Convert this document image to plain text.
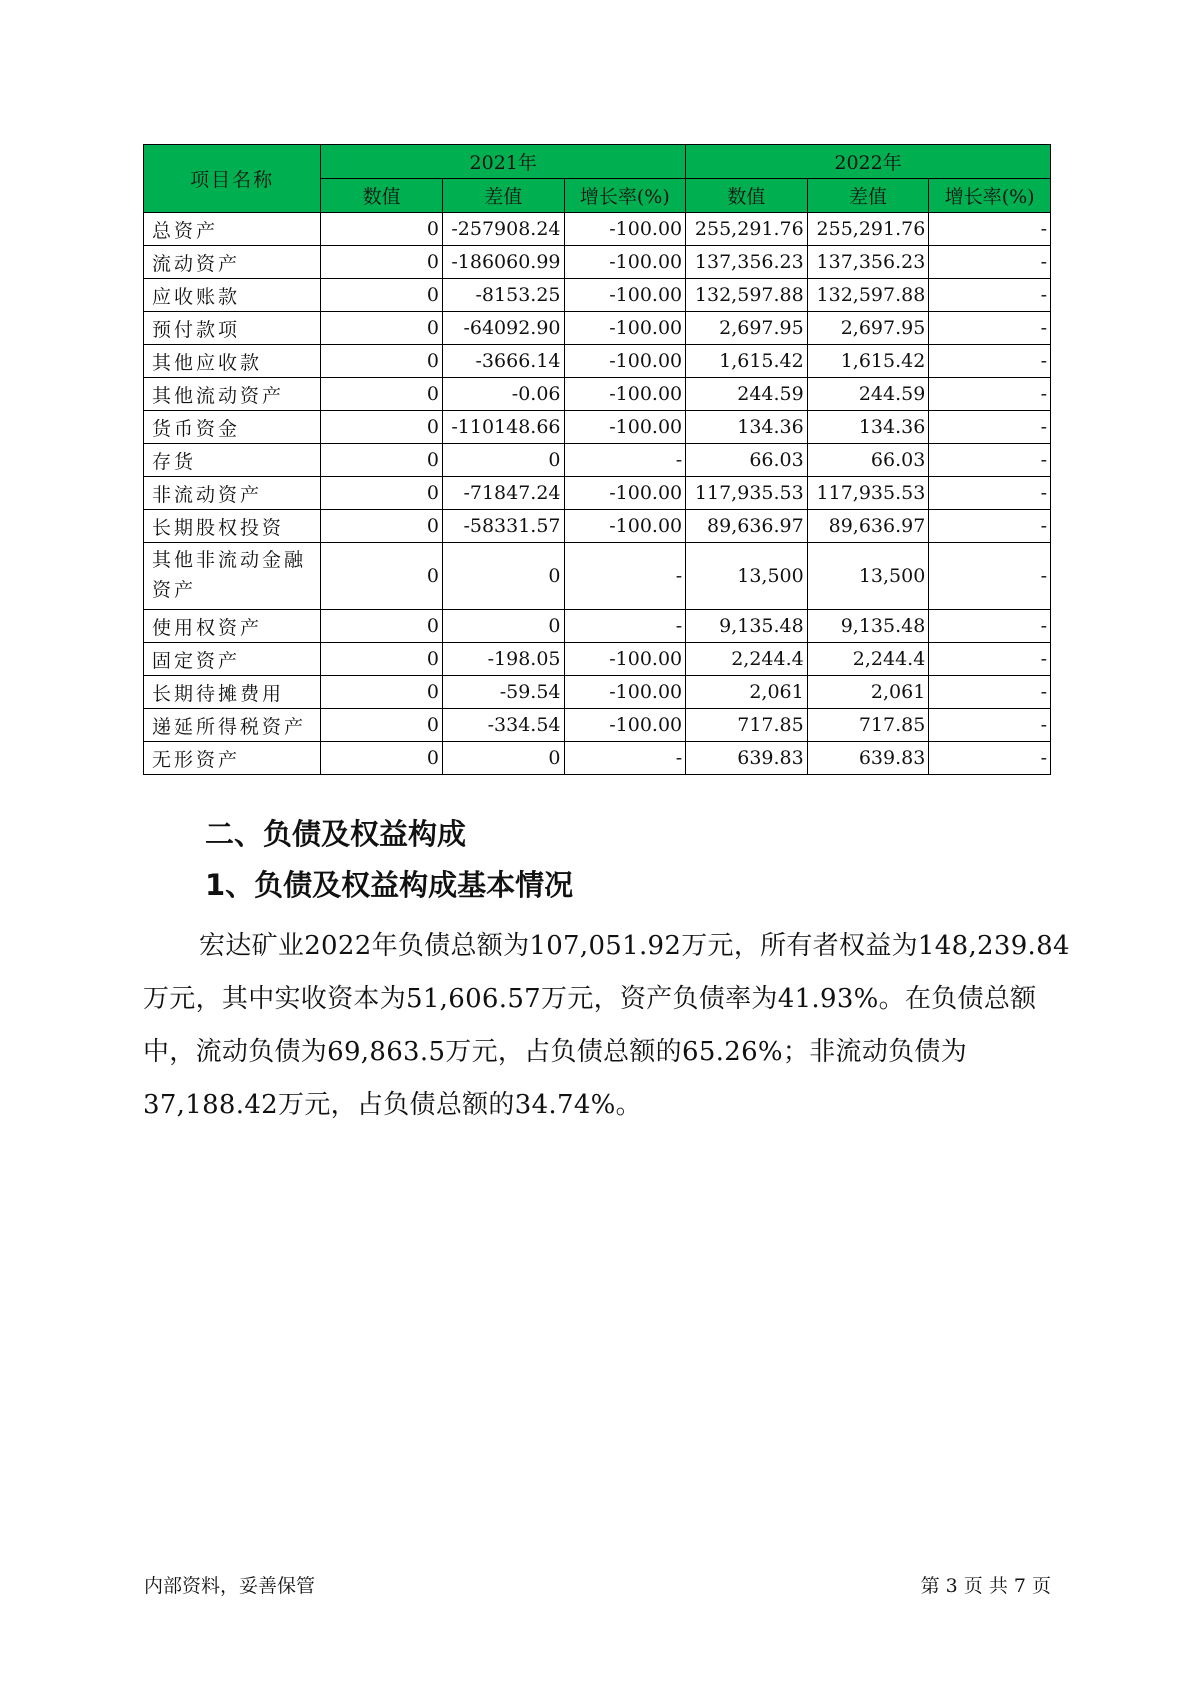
项目名称	2021年			2022年		
	数值	差值	增长率(%)	数值	差值	增长率(%)
总资产	0	-257908.24	-100.00	255,291.76	255,291.76	-
流动资产	0	-186060.99	-100.00	137,356.23	137,356.23	-
应收账款	0	-8153.25	-100.00	132,597.88	132,597.88	-
预付款项	0	-64092.90	-100.00	2,697.95	2,697.95	-
其他应收款	0	-3666.14	-100.00	1,615.42	1,615.42	-
其他流动资产	0	-0.06	-100.00	244.59	244.59	-
货币资金	0	-110148.66	-100.00	134.36	134.36	-
存货	0	0	-	66.03	66.03	-
非流动资产	0	-71847.24	-100.00	117,935.53	117,935.53	-
长期股权投资	0	-58331.57	-100.00	89,636.97	89,636.97	-
其他非流动金融资产	0	0	-	13,500	13,500	-
使用权资产	0	0	-	9,135.48	9,135.48	-
固定资产	0	-198.05	-100.00	2,244.4	2,244.4	-
长期待摊费用	0	-59.54	-100.00	2,061	2,061	-
递延所得税资产	0	-334.54	-100.00	717.85	717.85	-
无形资产	0	0	-	639.83	639.83	-
二、负债及权益构成
1、负债及权益构成基本情况

宏达矿业2022年负债总额为107,051.92万元，所有者权益为148,239.84万元，其中实收资本为51,606.57万元，资产负债率为41.93%。在负债总额中，流动负债为69,863.5万元，占负债总额的65.26%；非流动负债为37,188.42万元，占负债总额的34.74%。

内部资料，妥善保管	第 3 页 共 7 页
